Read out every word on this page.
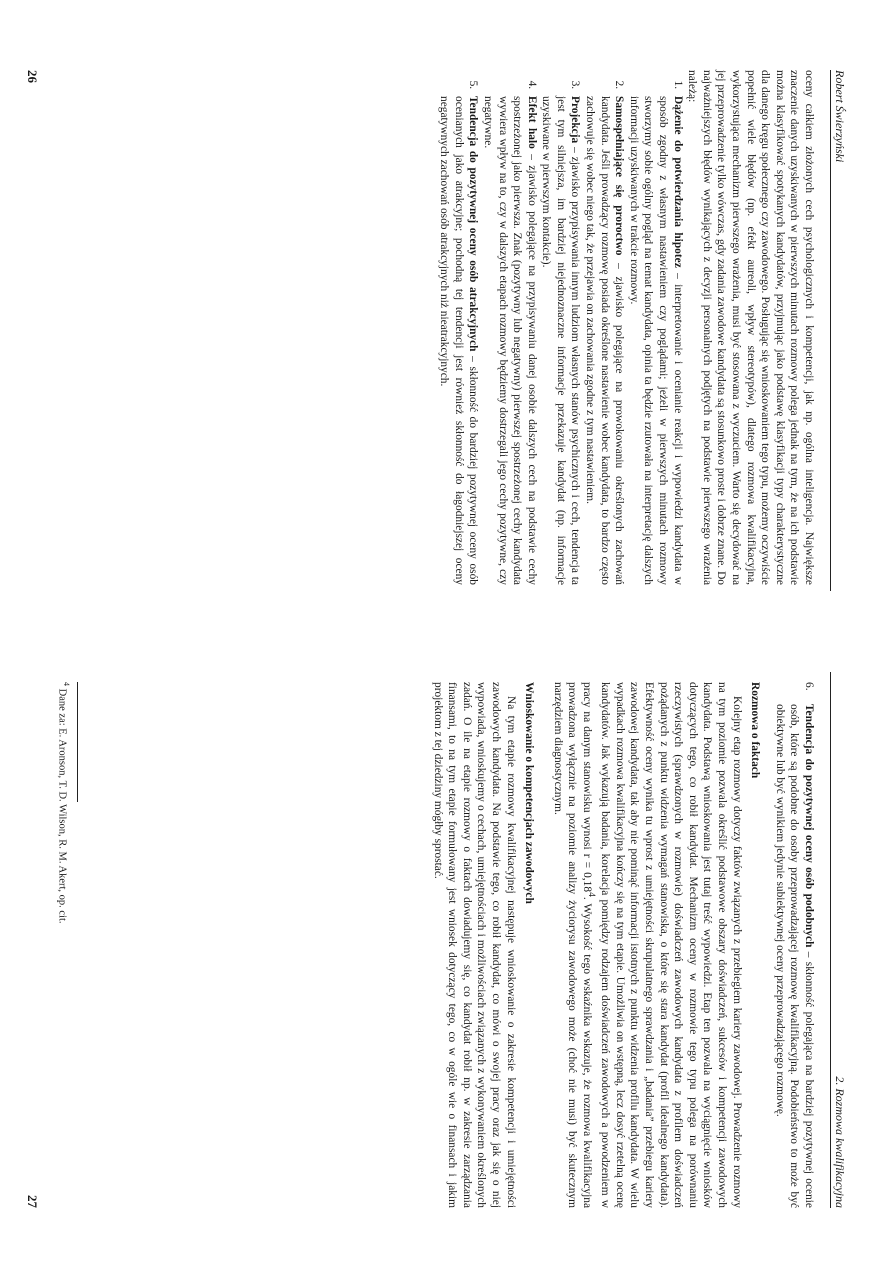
Robert Świerzyński

oceny całkiem złożonych cech psychologicznych i kompetencji, jak np. ogólna inteligencja. Największe znaczenie danych uzyskiwanych w pierwszych minutach rozmowy polega jednak na tym, że na ich podstawie można klasyfikować spotykanych kandydatów, przyjmując jako podstawę klasyfikacji typy charakterystyczne dla danego kręgu społecznego czy zawodowego. Posługując się wnioskowaniem tego typu, możemy oczywiście popełnić wiele błędów (np. efekt aureoli, wpływ stereotypów), dlatego rozmowa kwalifikacyjna, wykorzystująca mechanizm pierwszego wrażenia, musi być stosowana z wyczuciem. Warto się decydować na jej przeprowadzenie tylko wówczas, gdy zadania zawodowe kandydata są stosunkowo proste i dobrze znane. Do najważniejszych błędów wynikających z decyzji personalnych podjętych na podstawie pierwszego wrażenia należą:

1. Dążenie do potwierdzania hipotez – interpretowanie i ocenianie reakcji i wypowiedzi kandydata w sposób zgodny z własnym nastawieniem czy poglądami; jeżeli w pierwszych minutach rozmowy stworzymy sobie ogólny pogląd na temat kandydata, opinia ta będzie rzutowała na interpretację dalszych informacji uzyskiwanych w trakcie rozmowy.
2. Samospełniające się proroctwo – zjawisko polegające na prowokowaniu określonych zachowań kandydata. Jeśli prowadzący rozmowę posiada określone nastawienie wobec kandydata, to bardzo często zachowuje się wobec niego tak, że przejawia on zachowania zgodne z tym nastawieniem.
3. Projekcja – zjawisko przypisywania innym ludziom własnych stanów psychicznych i cech, tendencja ta jest tym silniejsza, im bardziej niejednoznaczne informacje przekazuje kandydat (np. informacje uzyskiwane w pierwszym kontakcie).
4. Efekt halo – zjawisko polegające na przypisywaniu danej osobie dalszych cech na podstawie cechy spostrzeżonej jako pierwsza. Znak (pozytywny lub negatywny) pierwszej spostrzeżonej cechy kandydata wywiera wpływ na to, czy w dalszych etapach rozmowy będziemy dostrzegali jego cechy pozytywne, czy negatywne.
5. Tendencja do pozytywnej oceny osób atrakcyjnych – skłonność do bardziej pozytywnej oceny osób ocenianych jako atrakcyjne; pochodną tej tendencji jest również skłonność do łagodniejszej oceny negatywnych zachowań osób atrakcyjnych niż nieatrakcyjnych.
26
2. Rozmowa kwalifikacyjna
6.
Tendencja do pozytywnej oceny osób podobnych – skłonność polegająca na bardziej pozytywnej ocenie osób, które są podobne do osoby przeprowadzającej rozmowę kwalifikacyjną. Podobieństwo to może być obiektywne lub być wynikiem jedynie subiektywnej oceny przeprowadzającego rozmowę.
Rozmowa o faktach

Kolejny etap rozmowy dotyczy faktów związanych z przebiegiem kariery zawodowej. Prowadzenie rozmowy na tym poziomie pozwala określić podstawowe obszary doświadczeń, sukcesów i kompetencji zawodowych kandydata. Podstawą wnioskowania jest tutaj treść wypowiedzi. Etap ten pozwala na wyciągnięcie wniosków dotyczących tego, co robił kandydat. Mechanizm oceny w rozmowie tego typu polega na porównaniu rzeczywistych (sprawdzonych w rozmowie) doświadczeń zawodowych kandydata z profilem doświadczeń pożądanych z punktu widzenia wymagań stanowiska, o które się stara kandydat (profil idealnego kandydata). Efektywność oceny wynika tu wprost z umiejętności skrupulatnego sprawdzania i „badania” przebiegu kariery zawodowej kandydata, tak aby nie pominąć informacji istotnych z punktu widzenia profilu kandydata. W wielu wypadkach rozmowa kwalifikacyjna kończy się na tym etapie. Umożliwia on wstępną, lecz dosyć rzetelną ocenę kandydatów. Jak wykazują badania, korelacja pomiędzy rodzajem doświadczeń zawodowych a powodzeniem w pracy na danym stanowisku wynosi $r = 0,18^4$. Wysokość tego wskaźnika wskazuje, że rozmowa kwalifikacyjna prowadzona wyłącznie na poziomie analizy życiorysu zawodowego może (choć nie musi) być skutecznym narzędziem diagnostycznym.

Wnioskowanie o kompetencjach zawodowych

Na tym etapie rozmowy kwalifikacyjnej następuje wnioskowanie o zakresie kompetencji i umiejętności zawodowych kandydata. Na podstawie tego, co robił kandydat, co mówi o swojej pracy oraz jak się o niej wypowiada, wnioskujemy o cechach, umiejętnościach i możliwościach związanych z wykonywaniem określonych zadań. O ile na etapie rozmowy o faktach dowiadujemy się, co kandydat robił np. w zakresie zarządzania finansami, to na tym etapie formułowany jest wniosek dotyczący tego, co w ogóle wie o finansach i jakim projektom z tej dziedziny mógłby sprostać.

$^4$ Dane za: E. Aronson, T. D. Wilson, R. M. Akert, op. cit.
27
